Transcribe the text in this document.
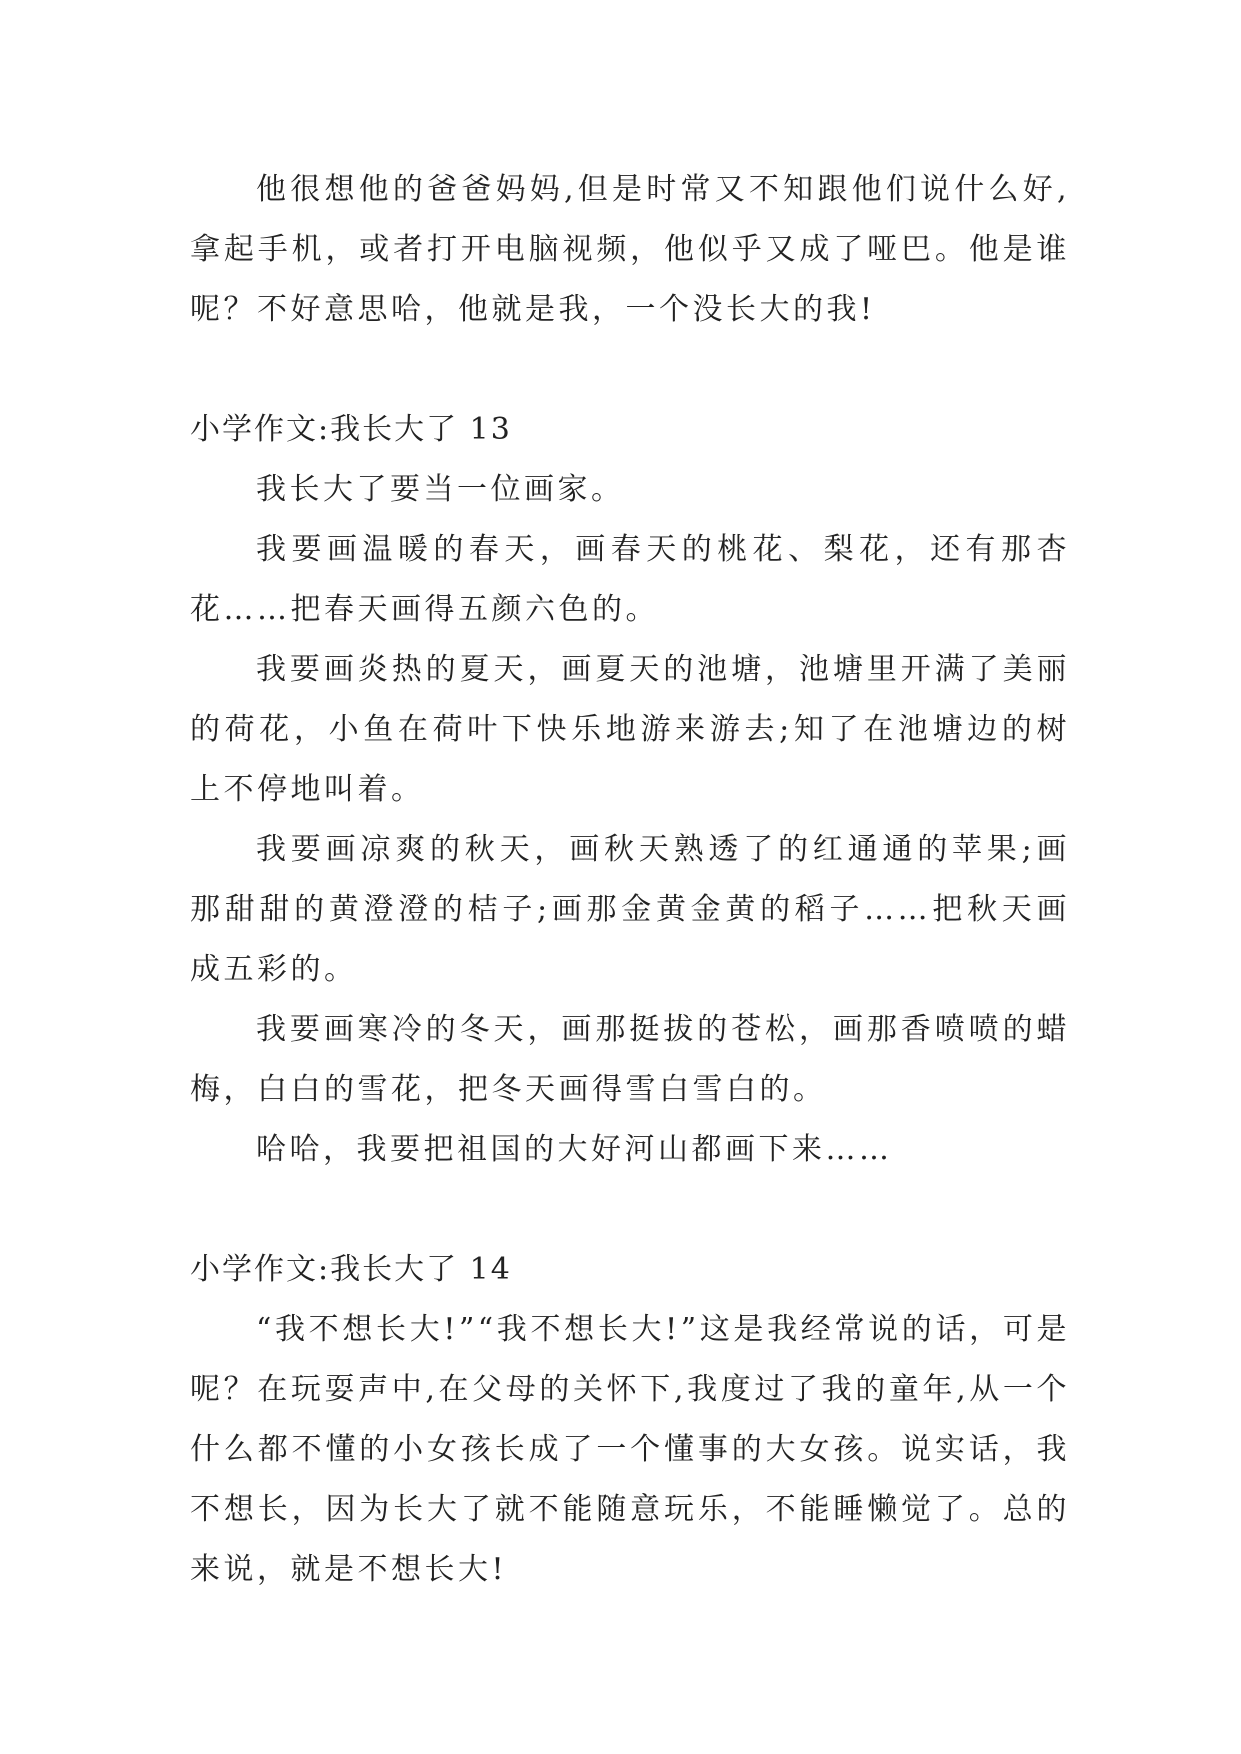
他很想他的爸爸妈妈,但是时常又不知跟他们说什么好,拿起手机，或者打开电脑视频，他似乎又成了哑巴。他是谁呢？不好意思哈，他就是我，一个没长大的我!

小学作文:我长大了 13

我长大了要当一位画家。

我要画温暖的春天，画春天的桃花、梨花，还有那杏花……把春天画得五颜六色的。

我要画炎热的夏天，画夏天的池塘，池塘里开满了美丽的荷花，小鱼在荷叶下快乐地游来游去;知了在池塘边的树上不停地叫着。

我要画凉爽的秋天，画秋天熟透了的红通通的苹果;画那甜甜的黄澄澄的桔子;画那金黄金黄的稻子……把秋天画成五彩的。

我要画寒冷的冬天，画那挺拔的苍松，画那香喷喷的蜡梅，白白的雪花，把冬天画得雪白雪白的。

哈哈，我要把祖国的大好河山都画下来……

小学作文:我长大了 14

“我不想长大!”“我不想长大!”这是我经常说的话，可是呢？在玩耍声中,在父母的关怀下,我度过了我的童年,从一个什么都不懂的小女孩长成了一个懂事的大女孩。说实话，我不想长，因为长大了就不能随意玩乐，不能睡懒觉了。总的来说，就是不想长大!
